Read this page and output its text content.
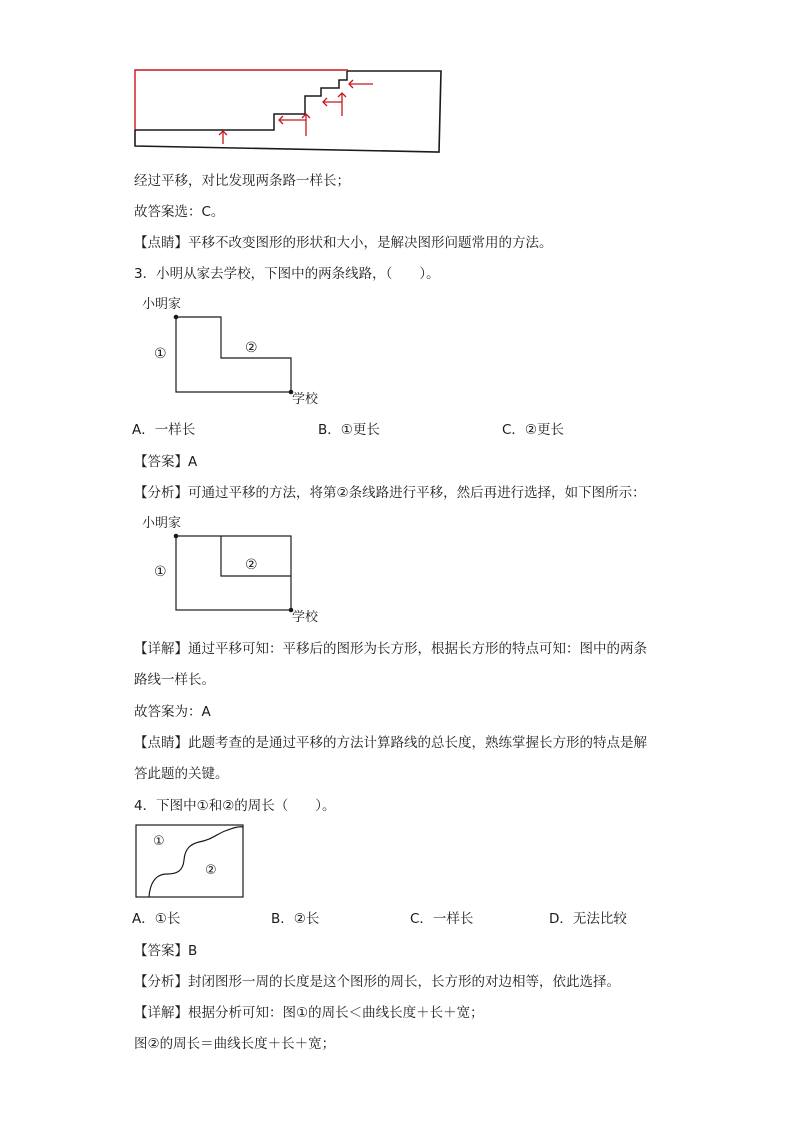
经过平移，对比发现两条路一样长；
故答案选：C。
【点睛】平移不改变图形的形状和大小，是解决图形问题常用的方法。
3．小明从家去学校，下图中的两条线路，（　　）。
小明家
①	②
学校
A．一样长	B．①更长	C．②更长
【答案】A
【分析】可通过平移的方法，将第②条线路进行平移，然后再进行选择，如下图所示：
小明家
①	②
学校
【详解】通过平移可知：平移后的图形为长方形，根据长方形的特点可知：图中的两条
路线一样长。
故答案为：A
【点睛】此题考查的是通过平移的方法计算路线的总长度，熟练掌握长方形的特点是解
答此题的关键。
4．下图中①和②的周长（　　）。
①
②
A．①长	B．②长	C．一样长	D．无法比较
【答案】B
【分析】封闭图形一周的长度是这个图形的周长，长方形的对边相等，依此选择。
【详解】根据分析可知：图①的周长＜曲线长度＋长＋宽；
图②的周长＝曲线长度＋长＋宽；
